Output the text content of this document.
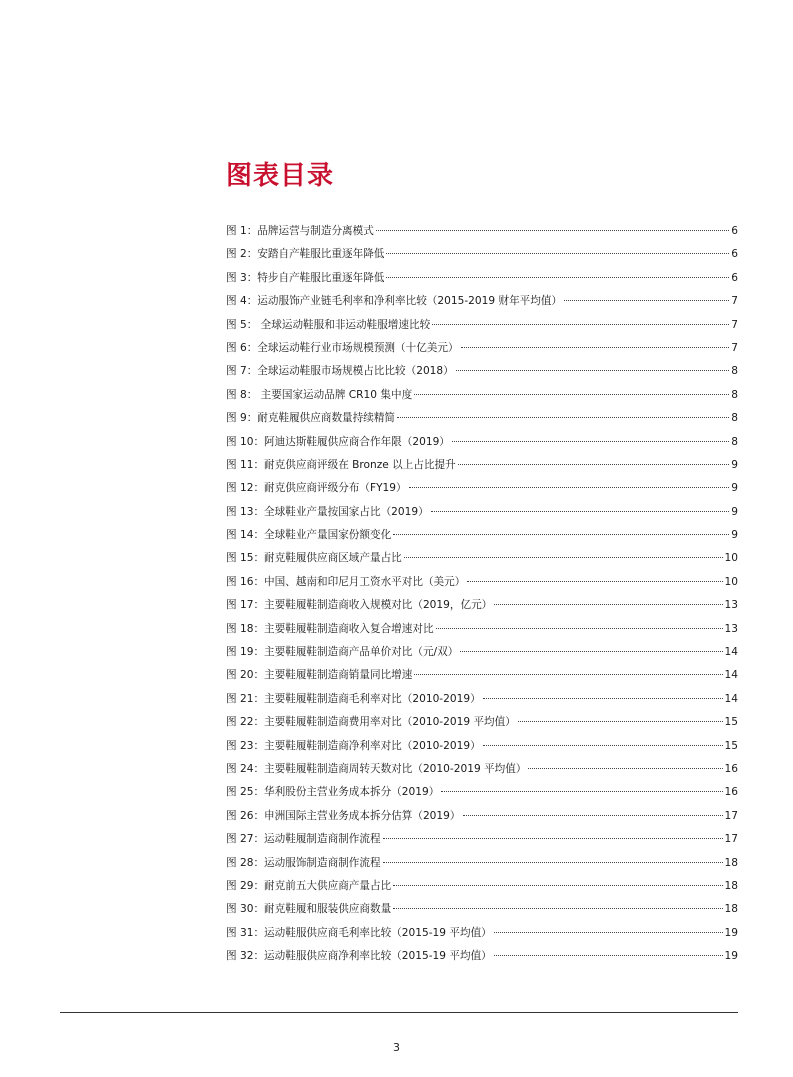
图表目录
图 1：品牌运营与制造分离模式	6
图 2：安踏自产鞋服比重逐年降低	6
图 3：特步自产鞋服比重逐年降低	6
图 4：运动服饰产业链毛利率和净利率比较（2015-2019 财年平均值）	7
图 5： 全球运动鞋服和非运动鞋服增速比较	7
图 6：全球运动鞋行业市场规模预测（十亿美元）	7
图 7：全球运动鞋服市场规模占比比较（2018）	8
图 8： 主要国家运动品牌 CR10 集中度	8
图 9：耐克鞋履供应商数量持续精简	8
图 10：阿迪达斯鞋履供应商合作年限（2019）	8
图 11：耐克供应商评级在 Bronze 以上占比提升	9
图 12：耐克供应商评级分布（FY19）	9
图 13：全球鞋业产量按国家占比（2019）	9
图 14：全球鞋业产量国家份额变化	9
图 15：耐克鞋履供应商区域产量占比	10
图 16：中国、越南和印尼月工资水平对比（美元）	10
图 17：主要鞋履鞋制造商收入规模对比（2019，亿元）	13
图 18：主要鞋履鞋制造商收入复合增速对比	13
图 19：主要鞋履鞋制造商产品单价对比（元/双）	14
图 20：主要鞋履鞋制造商销量同比增速	14
图 21：主要鞋履鞋制造商毛利率对比（2010-2019）	14
图 22：主要鞋履鞋制造商费用率对比（2010-2019 平均值）	15
图 23：主要鞋履鞋制造商净利率对比（2010-2019）	15
图 24：主要鞋履鞋制造商周转天数对比（2010-2019 平均值）	16
图 25：华利股份主营业务成本拆分（2019）	16
图 26：申洲国际主营业务成本拆分估算（2019）	17
图 27：运动鞋履制造商制作流程	17
图 28：运动服饰制造商制作流程	18
图 29：耐克前五大供应商产量占比	18
图 30：耐克鞋履和服装供应商数量	18
图 31：运动鞋服供应商毛利率比较（2015-19 平均值）	19
图 32：运动鞋服供应商净利率比较（2015-19 平均值）	19
3
